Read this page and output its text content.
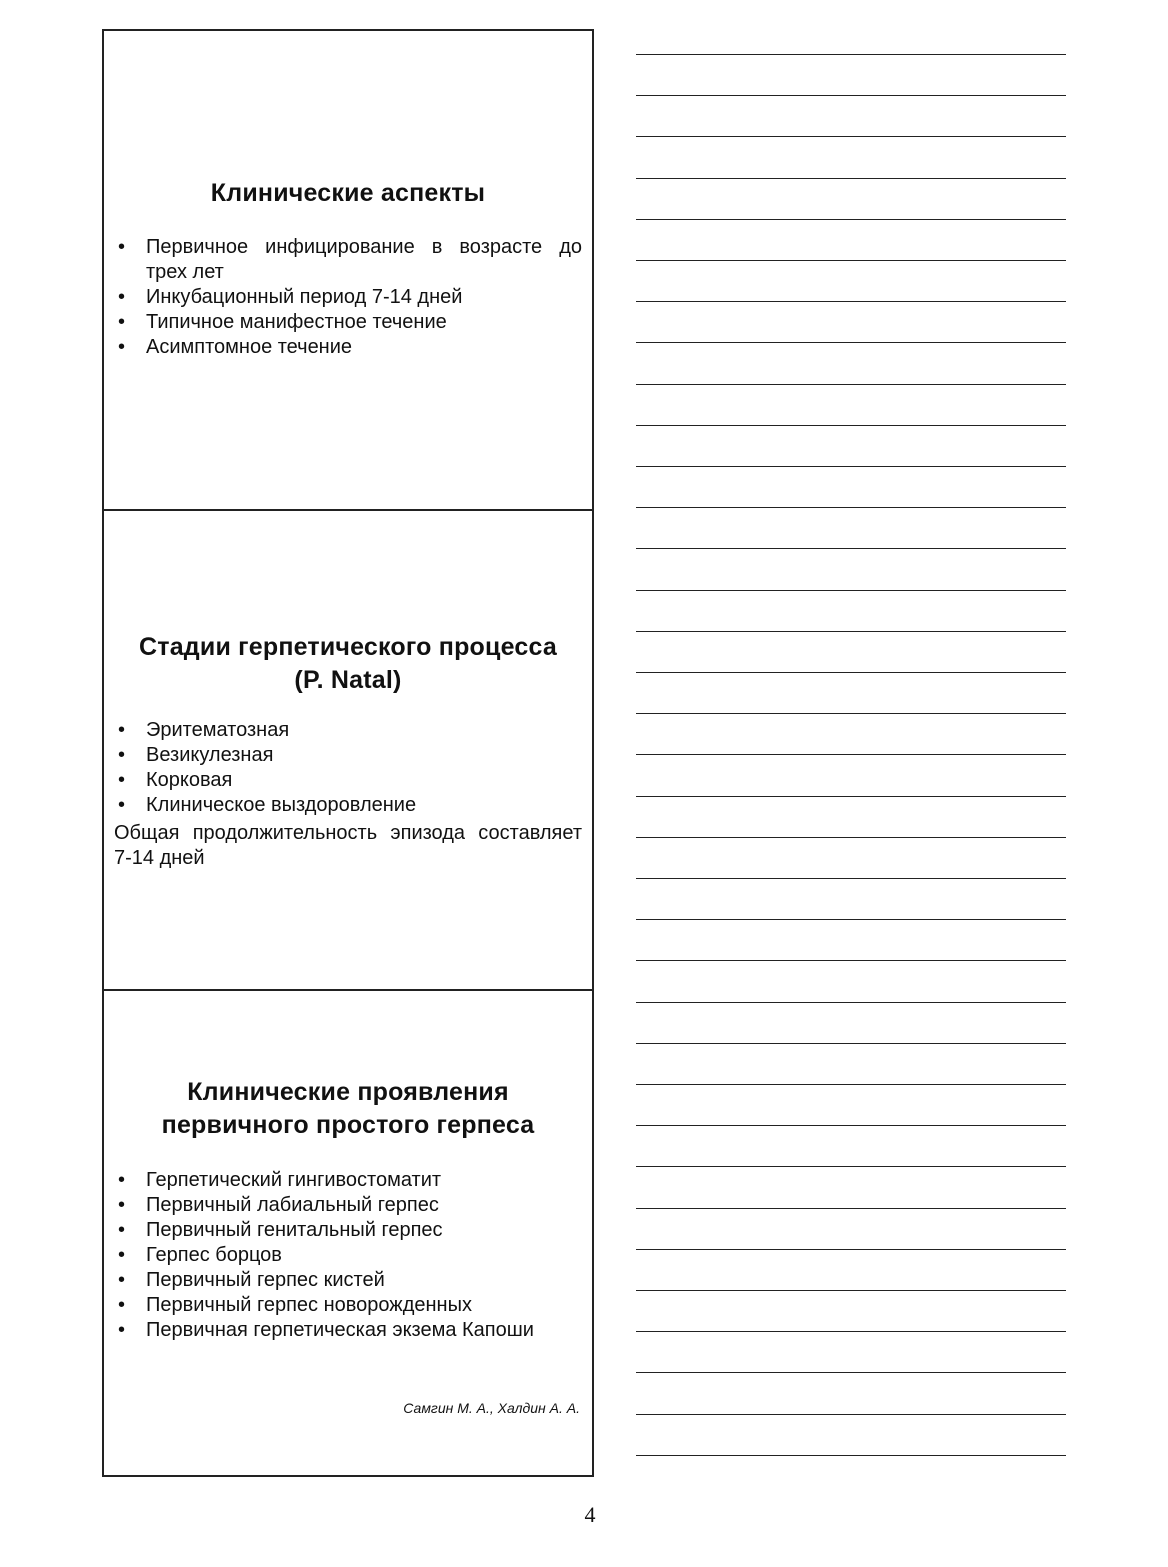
Клинические аспекты
• Первичное инфицирование в возрасте до трех лет
• Инкубационный период 7-14 дней
• Типичное манифестное течение
• Асимптомное течение
Стадии герпетического процесса
(P. Natal)
• Эритематозная
• Везикулезная
• Корковая
• Клиническое выздоровление

Общая продолжительность эпизода составляет 7-14 дней

Клинические проявления
первичного простого герпеса
• Герпетический гингивостоматит
• Первичный лабиальный герпес
• Первичный генитальный герпес
• Герпес борцов
• Первичный герпес кистей
• Первичный герпес новорожденных
• Первичная герпетическая экзема Капоши

Самгин М. А., Халдин А. А.

4
